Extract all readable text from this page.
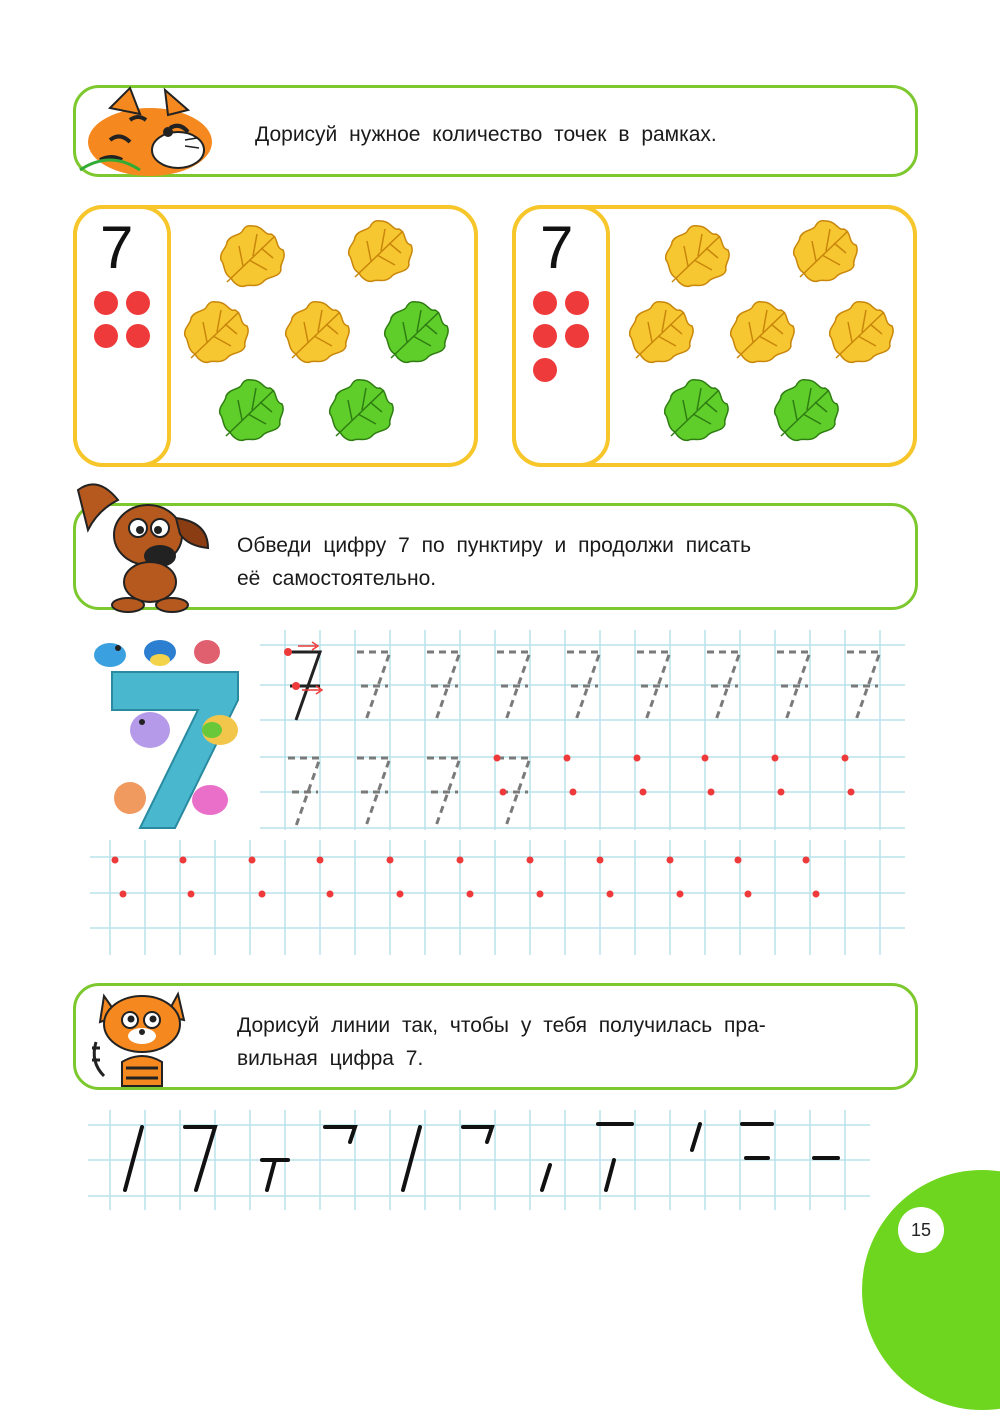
Дорисуй нужное количество точек в рамках.
7	7
Обведи цифру 7 по пунктиру и продолжи писать
её самостоятельно.
Дорисуй линии так, чтобы у тебя получилась пра-
вильная цифра 7.
15
